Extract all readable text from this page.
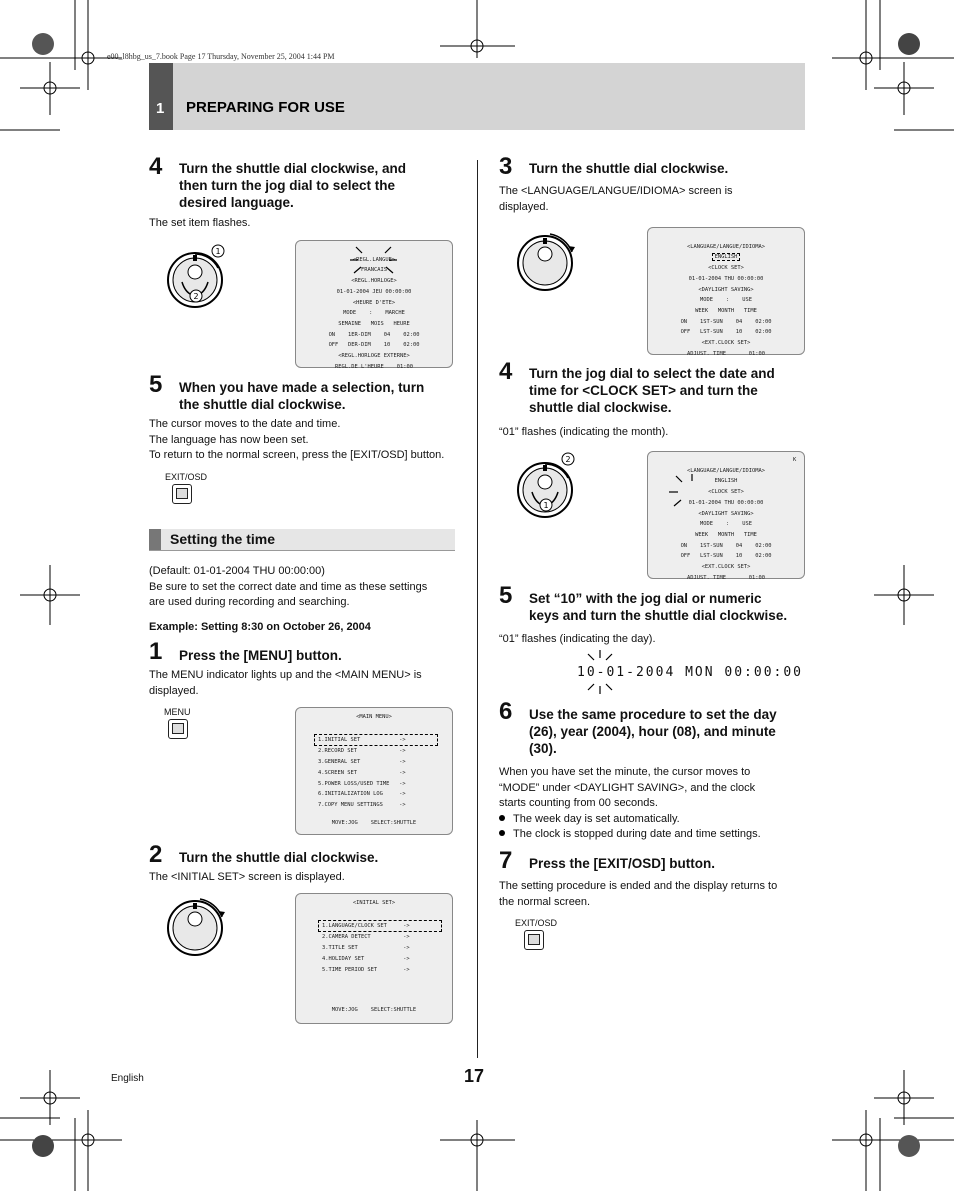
e00_l8hbg_us_7.book Page 17 Thursday, November 25, 2004 1:44 PM
1 PREPARING FOR USE
4 Turn the shuttle dial clockwise, and
then turn the jog dial to select the
desired language.
The set item flashes.
1
2

<REGL.LANGUE>
FRANCAIS
<REGL.HORLOGE>
01-01-2004 JEU 00:00:00
<HEURE D'ETE>
MODE    :    MARCHE
SEMAINE   MOIS   HEURE
ON    1ER-DIM    04    02:00
OFF   DER-DIM    10    02:00
<REGL.HORLOGE EXTERNE>
REGL.DE L'HEURE    01:00

5 When you have made a selection, turn
the shuttle dial clockwise.
The cursor moves to the date and time.
The language has now been set.
To return to the normal screen, press the [EXIT/OSD] button.
EXIT/OSD
Setting the time
(Default: 01-01-2004 THU 00:00:00)
Be sure to set the correct date and time as these settings
are used during recording and searching.
Example: Setting 8:30 on October 26, 2004
1 Press the [MENU] button.
The MENU indicator lights up and the <MAIN MENU> is
displayed.
MENU	<MAIN MENU>

1.INITIAL SET            ->
2.RECORD SET             ->
3.GENERAL SET            ->
4.SCREEN SET             ->
5.POWER LOSS/USED TIME   ->
6.INITIALIZATION LOG     ->
7.COPY MENU SETTINGS     ->

MOVE:JOG    SELECT:SHUTTLE
2 Turn the shuttle dial clockwise.
The <INITIAL SET> screen is displayed.
<INITIAL SET>

1.LANGUAGE/CLOCK SET     ->
2.CAMERA DETECT          ->
3.TITLE SET              ->
4.HOLIDAY SET            ->
5.TIME PERIOD SET        ->

MOVE:JOG    SELECT:SHUTTLE
3 Turn the shuttle dial clockwise.
The <LANGUAGE/LANGUE/IDIOMA> screen is
displayed.

<LANGUAGE/LANGUE/IDIOMA>
ENGLISH
<CLOCK SET>
01-01-2004 THU 00:00:00
<DAYLIGHT SAVING>
MODE    :    USE
WEEK   MONTH   TIME
ON    1ST-SUN    04    02:00
OFF   LST-SUN    10    02:00
<EXT.CLOCK SET>
ADJUST. TIME       01:00

4 Turn the jog dial to select the date and
time for <CLOCK SET> and turn the
shuttle dial clockwise.
“01” flashes (indicating the month).
2
1

<LANGUAGE/LANGUE/IDIOMA>
ENGLISH
<CLOCK SET>
01-01-2004 THU 00:00:00
<DAYLIGHT SAVING>
MODE    :    USE
WEEK   MONTH   TIME
ON    1ST-SUN    04    02:00
OFF   LST-SUN    10    02:00
<EXT.CLOCK SET>
ADJUST. TIME       01:00

K
5 Set “10” with the jog dial or numeric
keys and turn the shuttle dial clockwise.
“01” flashes (indicating the day).
10-01-2004 MON 00:00:00
6 Use the same procedure to set the day
(26), year (2004), hour (08), and minute
(30).
When you have set the minute, the cursor moves to
“MODE” under <DAYLIGHT SAVING>, and the clock
starts counting from 00 seconds.
The week day is set automatically.
The clock is stopped during date and time settings.
7 Press the [EXIT/OSD] button.
The setting procedure is ended and the display returns to
the normal screen.
EXIT/OSD
English	17
